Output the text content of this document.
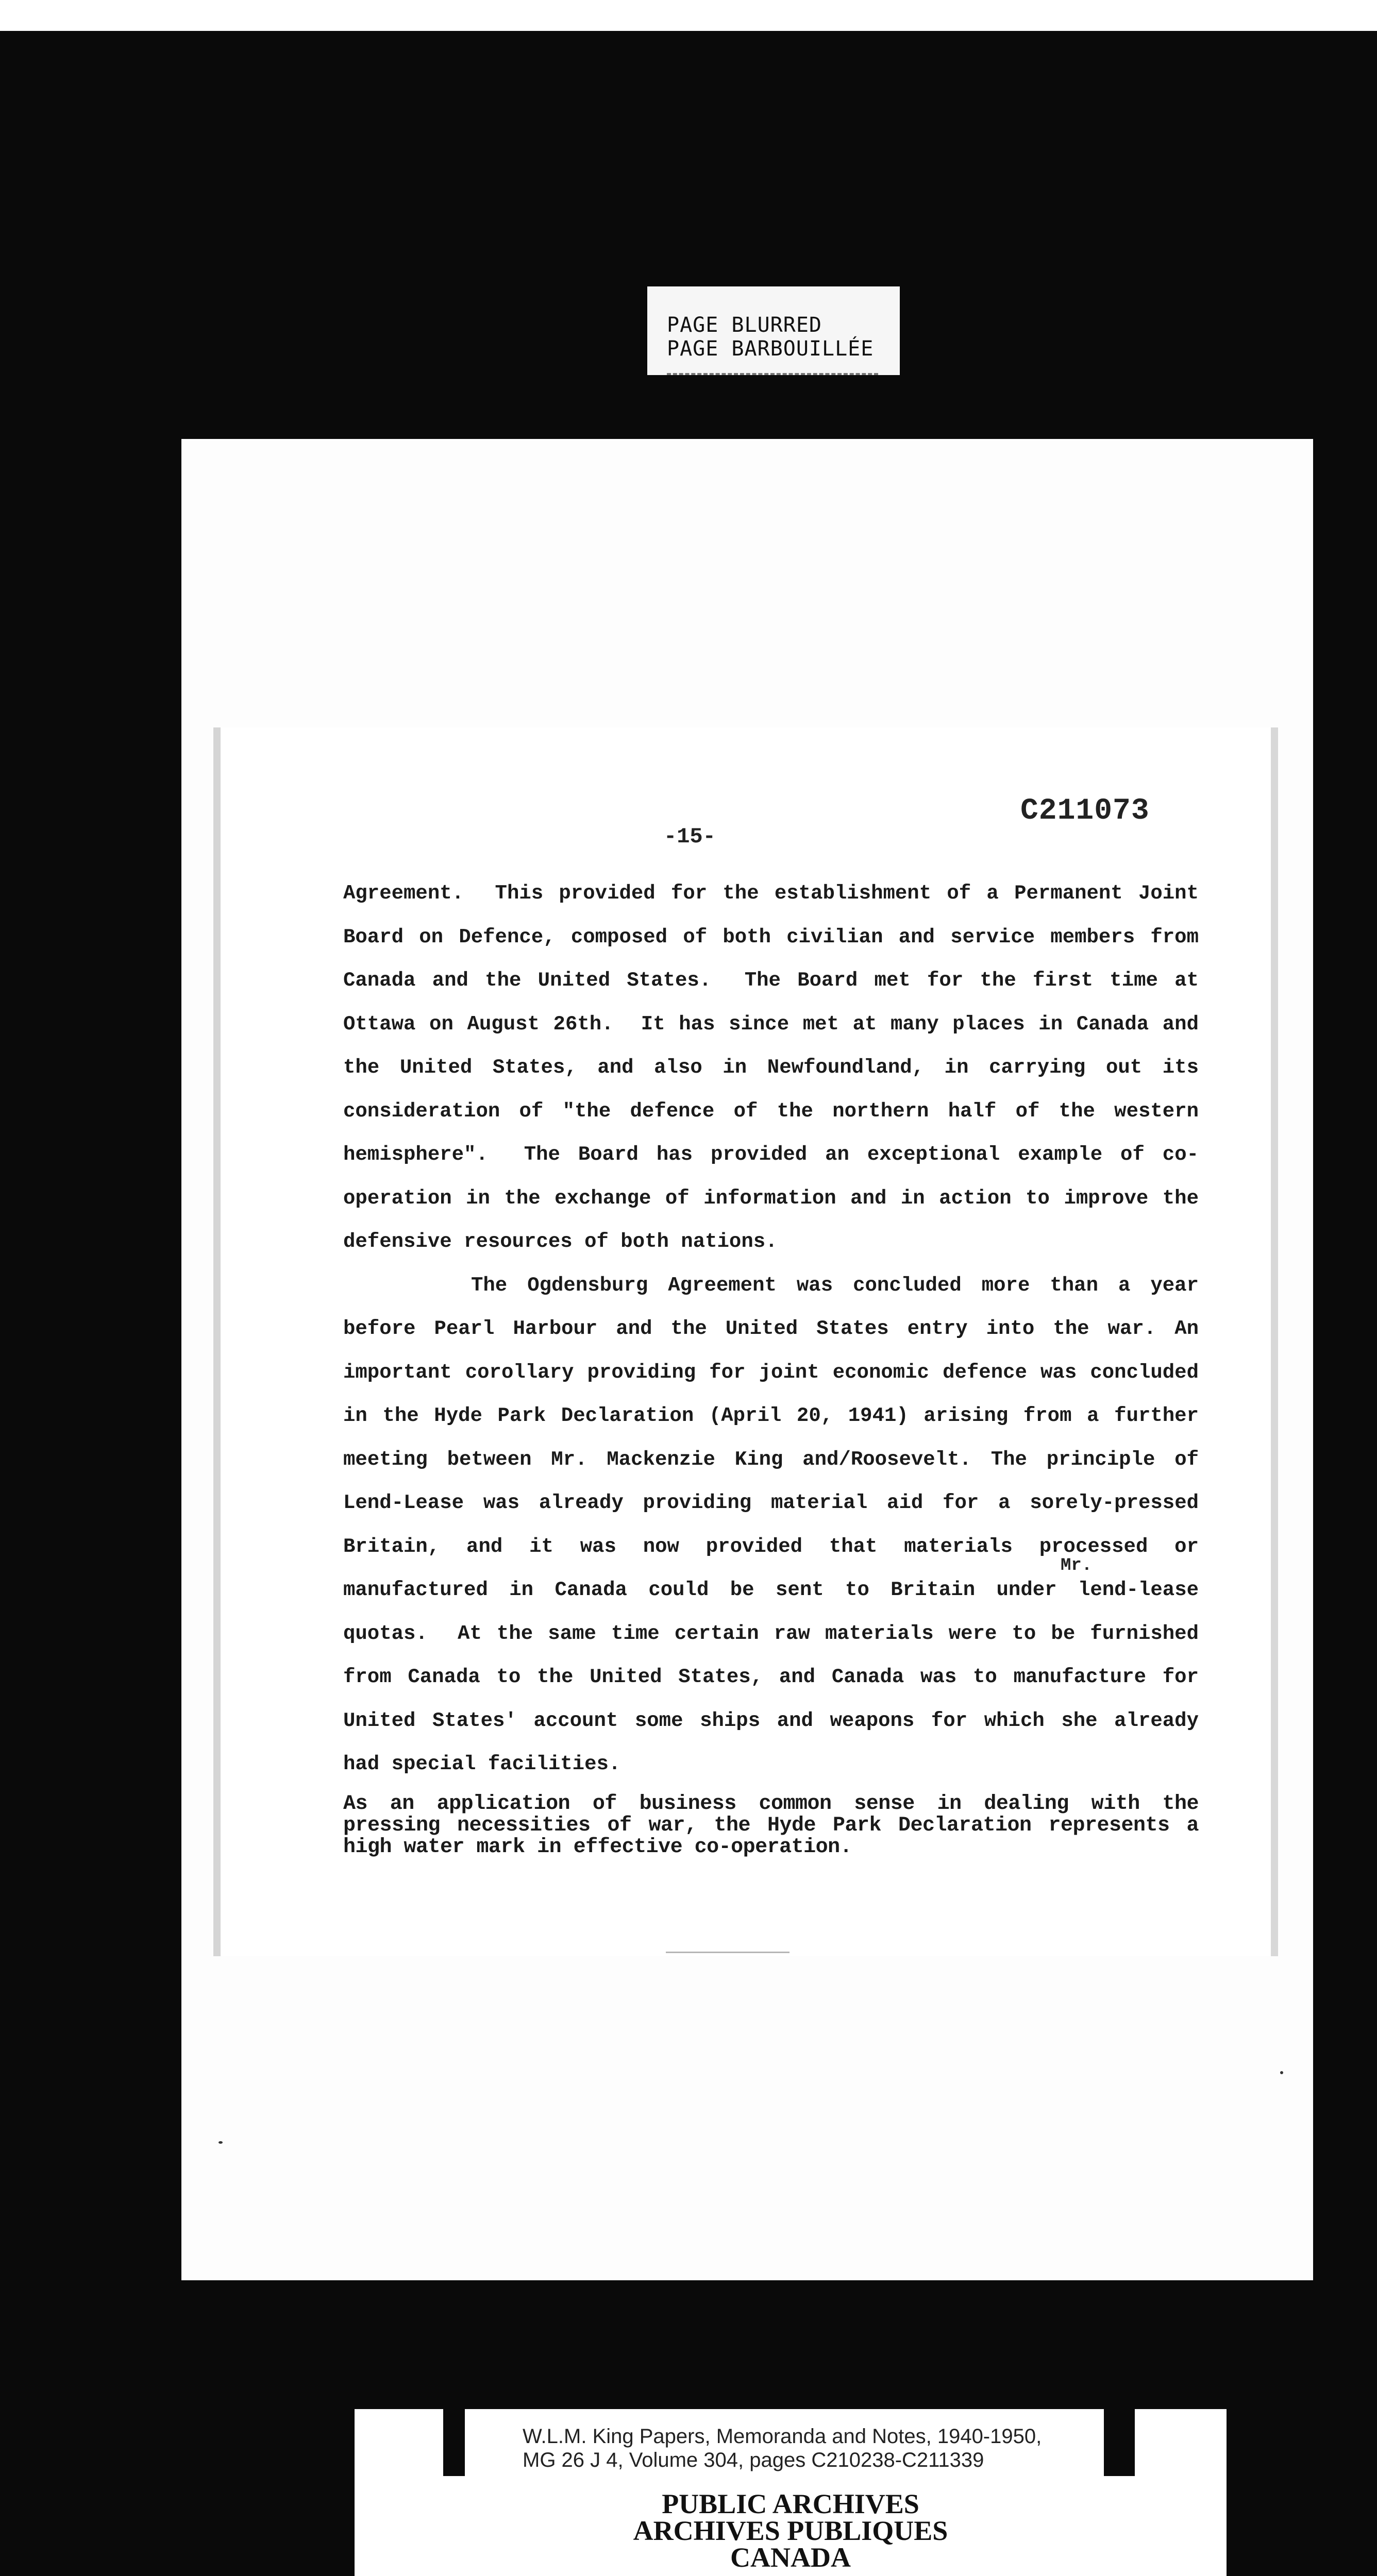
PAGE BLURRED
PAGE BARBOUILLÉE
C211073
-15-

Agreement.  This provided for the establishment of a Permanent Joint Board on Defence, composed of both civilian and service members from Canada and the United States.  The Board met for the first time at Ottawa on August 26th.  It has since met at many places in Canada and the United States, and also in Newfoundland, in carrying out its consideration of "the defence of the northern half of the western hemisphere".  The Board has provided an exceptional example of co-operation in the exchange of information and in action to improve the defensive resources of both nations.

The Ogdensburg Agreement was concluded more than a year before Pearl Harbour and the United States entry into the war. An important corollary providing for joint economic defence was concluded in the Hyde Park Declaration (April 20, 1941) arising from a further meeting between Mr. Mackenzie King and/Roosevelt. The principle of Lend-Lease was already providing material aid for a sorely-pressed Britain, and it was now provided that materials processed or manufactured in Canada could be sent to Britain under lend-lease quotas.  At the same time certain raw materials were to be furnished from Canada to the United States, and Canada was to manufacture for United States' account some ships and weapons for which she already had special facilities.

As an application of business common sense in dealing with the pressing necessities of war, the Hyde Park Declaration represents a high water mark in effective co-operation.

Mr.
W.L.M. King Papers, Memoranda and Notes, 1940-1950,
MG 26 J 4, Volume 304, pages C210238-C211339
PUBLIC ARCHIVES
ARCHIVES PUBLIQUES
CANADA
